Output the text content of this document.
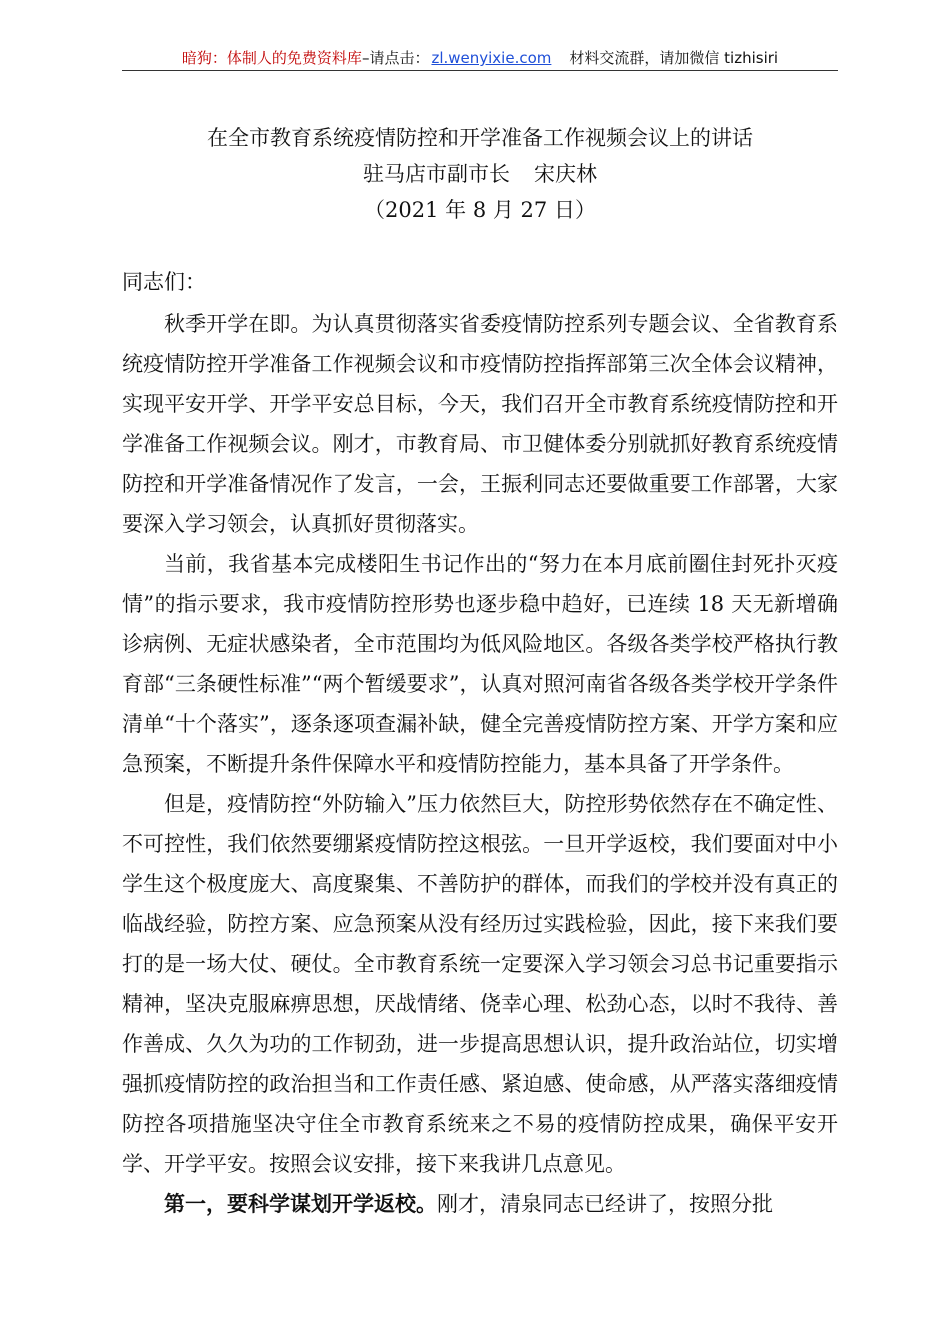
暗狗：体制人的免费资料库–请点击： zl.wenyixie.com 材料交流群，请加微信 tizhisiri
在全市教育系统疫情防控和开学准备工作视频会议上的讲话
驻马店市副市长 宋庆林
（2021 年 8 月 27 日）

同志们：

秋季开学在即。为认真贯彻落实省委疫情防控系列专题会议、全省教育系统疫情防控开学准备工作视频会议和市疫情防控指挥部第三次全体会议精神，实现平安开学、开学平安总目标，今天，我们召开全市教育系统疫情防控和开学准备工作视频会议。刚才，市教育局、市卫健体委分别就抓好教育系统疫情防控和开学准备情况作了发言，一会，王振利同志还要做重要工作部署，大家要深入学习领会，认真抓好贯彻落实。

当前，我省基本完成楼阳生书记作出的“努力在本月底前圈住封死扑灭疫情”的指示要求，我市疫情防控形势也逐步稳中趋好，已连续 18 天无新增确诊病例、无症状感染者，全市范围均为低风险地区。各级各类学校严格执行教育部“三条硬性标准”“两个暂缓要求”，认真对照河南省各级各类学校开学条件清单“十个落实”，逐条逐项查漏补缺，健全完善疫情防控方案、开学方案和应急预案，不断提升条件保障水平和疫情防控能力，基本具备了开学条件。

但是，疫情防控“外防输入”压力依然巨大，防控形势依然存在不确定性、不可控性，我们依然要绷紧疫情防控这根弦。一旦开学返校，我们要面对中小学生这个极度庞大、高度聚集、不善防护的群体，而我们的学校并没有真正的临战经验，防控方案、应急预案从没有经历过实践检验，因此，接下来我们要打的是一场大仗、硬仗。全市教育系统一定要深入学习领会习总书记重要指示精神，坚决克服麻痹思想，厌战情绪、侥幸心理、松劲心态，以时不我待、善作善成、久久为功的工作韧劲，进一步提高思想认识，提升政治站位，切实增强抓疫情防控的政治担当和工作责任感、紧迫感、使命感，从严落实落细疫情防控各项措施坚决守住全市教育系统来之不易的疫情防控成果，确保平安开学、开学平安。按照会议安排，接下来我讲几点意见。

第一，要科学谋划开学返校。刚才，清泉同志已经讲了，按照分批
